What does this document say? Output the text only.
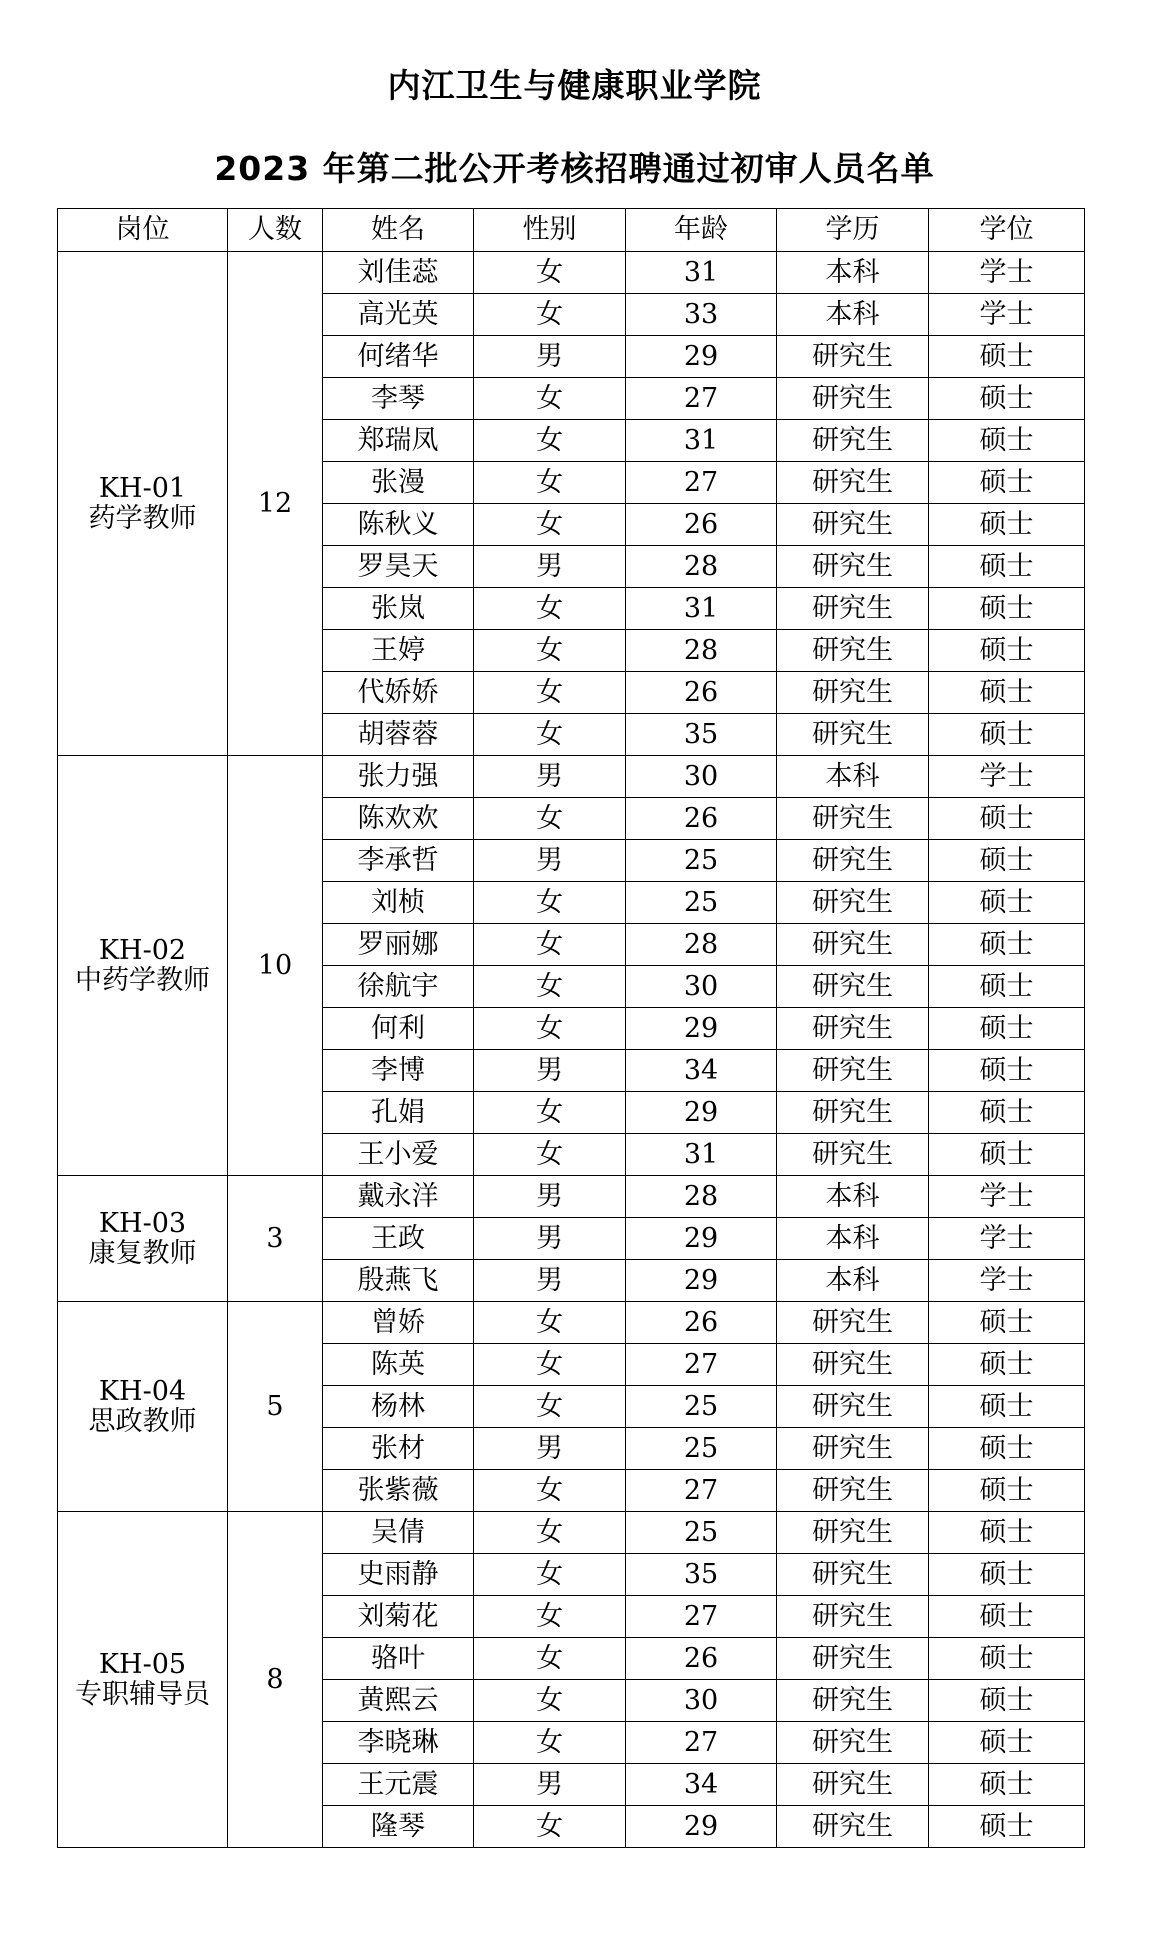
内江卫生与健康职业学院
2023 年第二批公开考核招聘通过初审人员名单
岗位	人数	姓名	性别	年龄	学历	学位

KH-01
药学教师	12	刘佳蕊	女	31	本科	学士
		高光英	女	33	本科	学士
		何绪华	男	29	研究生	硕士
		李琴	女	27	研究生	硕士
		郑瑞凤	女	31	研究生	硕士
		张漫	女	27	研究生	硕士
		陈秋义	女	26	研究生	硕士
		罗昊天	男	28	研究生	硕士
		张岚	女	31	研究生	硕士
		王婷	女	28	研究生	硕士
		代娇娇	女	26	研究生	硕士
		胡蓉蓉	女	35	研究生	硕士

KH-02
中药学教师	10	张力强	男	30	本科	学士
		陈欢欢	女	26	研究生	硕士
		李承哲	男	25	研究生	硕士
		刘桢	女	25	研究生	硕士
		罗丽娜	女	28	研究生	硕士
		徐航宇	女	30	研究生	硕士
		何利	女	29	研究生	硕士
		李博	男	34	研究生	硕士
		孔娟	女	29	研究生	硕士
		王小爱	女	31	研究生	硕士

KH-03
康复教师	3	戴永洋	男	28	本科	学士
		王政	男	29	本科	学士
		殷燕飞	男	29	本科	学士

KH-04
思政教师	5	曾娇	女	26	研究生	硕士
		陈英	女	27	研究生	硕士
		杨林	女	25	研究生	硕士
		张材	男	25	研究生	硕士
		张紫薇	女	27	研究生	硕士

KH-05
专职辅导员	8	吴倩	女	25	研究生	硕士
		史雨静	女	35	研究生	硕士
		刘菊花	女	27	研究生	硕士
		骆叶	女	26	研究生	硕士
		黄熙云	女	30	研究生	硕士
		李晓琳	女	27	研究生	硕士
		王元震	男	34	研究生	硕士
		隆琴	女	29	研究生	硕士
